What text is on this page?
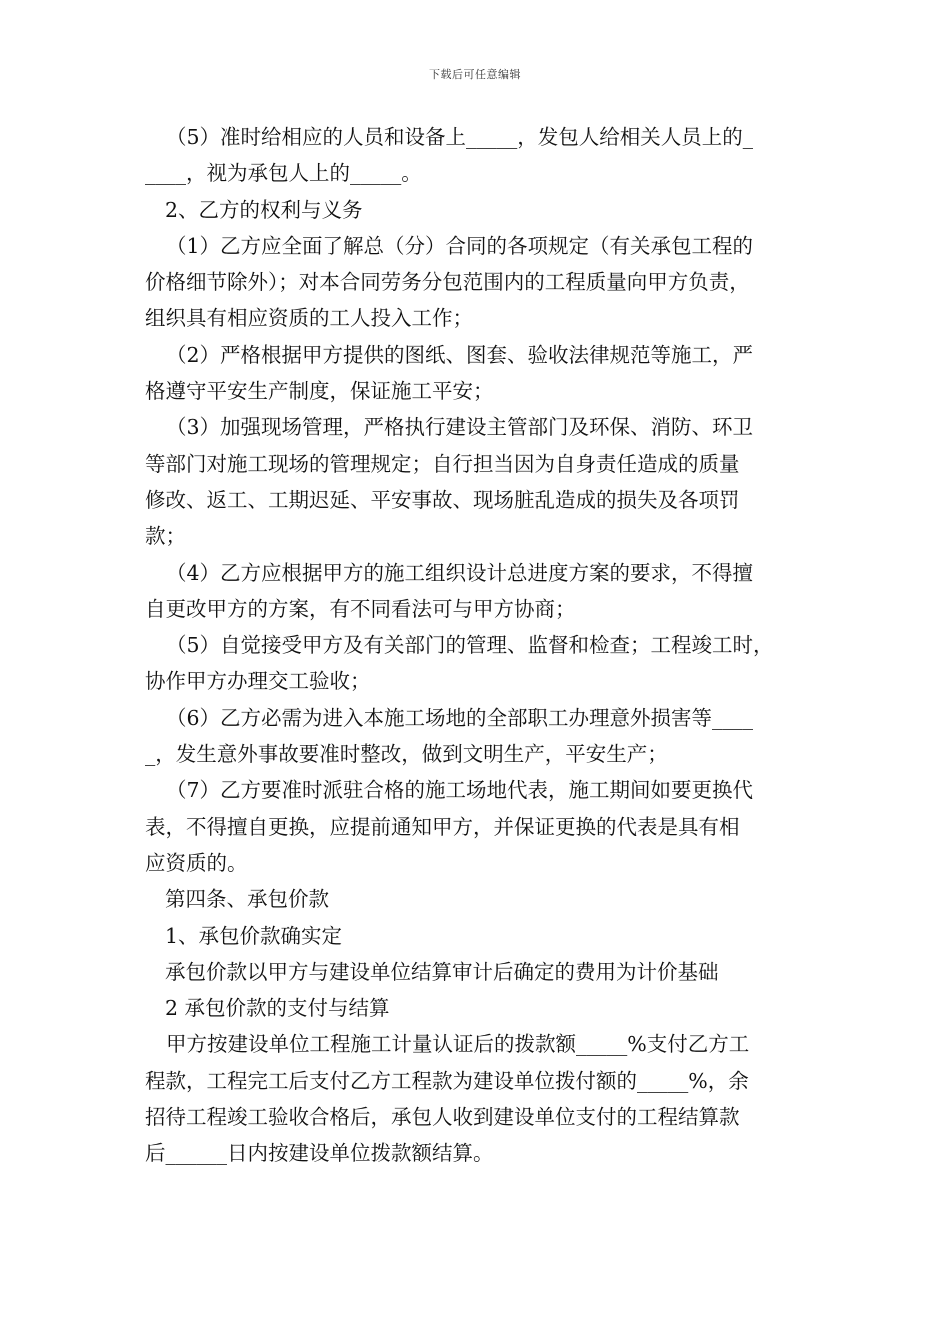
下载后可任意编辑
（5）准时给相应的人员和设备上_____，发包人给相关人员上的_
____，视为承包人上的_____。
2、乙方的权利与义务
（1）乙方应全面了解总（分）合同的各项规定（有关承包工程的
价格细节除外）；对本合同劳务分包范围内的工程质量向甲方负责，
组织具有相应资质的工人投入工作；
（2）严格根据甲方提供的图纸、图套、验收法律规范等施工，严
格遵守平安生产制度，保证施工平安；
（3）加强现场管理，严格执行建设主管部门及环保、消防、环卫
等部门对施工现场的管理规定；自行担当因为自身责任造成的质量
修改、返工、工期迟延、平安事故、现场脏乱造成的损失及各项罚
款；
（4）乙方应根据甲方的施工组织设计总进度方案的要求，不得擅
自更改甲方的方案，有不同看法可与甲方协商；
（5）自觉接受甲方及有关部门的管理、监督和检查；工程竣工时，
协作甲方办理交工验收；
（6）乙方必需为进入本施工场地的全部职工办理意外损害等____
_，发生意外事故要准时整改，做到文明生产，平安生产；
（7）乙方要准时派驻合格的施工场地代表，施工期间如要更换代
表，不得擅自更换，应提前通知甲方，并保证更换的代表是具有相
应资质的。
第四条、承包价款
1、承包价款确实定
承包价款以甲方与建设单位结算审计后确定的费用为计价基础
2 承包价款的支付与结算
甲方按建设单位工程施工计量认证后的拨款额_____%支付乙方工
程款，工程完工后支付乙方工程款为建设单位拨付额的_____%，余
招待工程竣工验收合格后，承包人收到建设单位支付的工程结算款
后______日内按建设单位拨款额结算。
